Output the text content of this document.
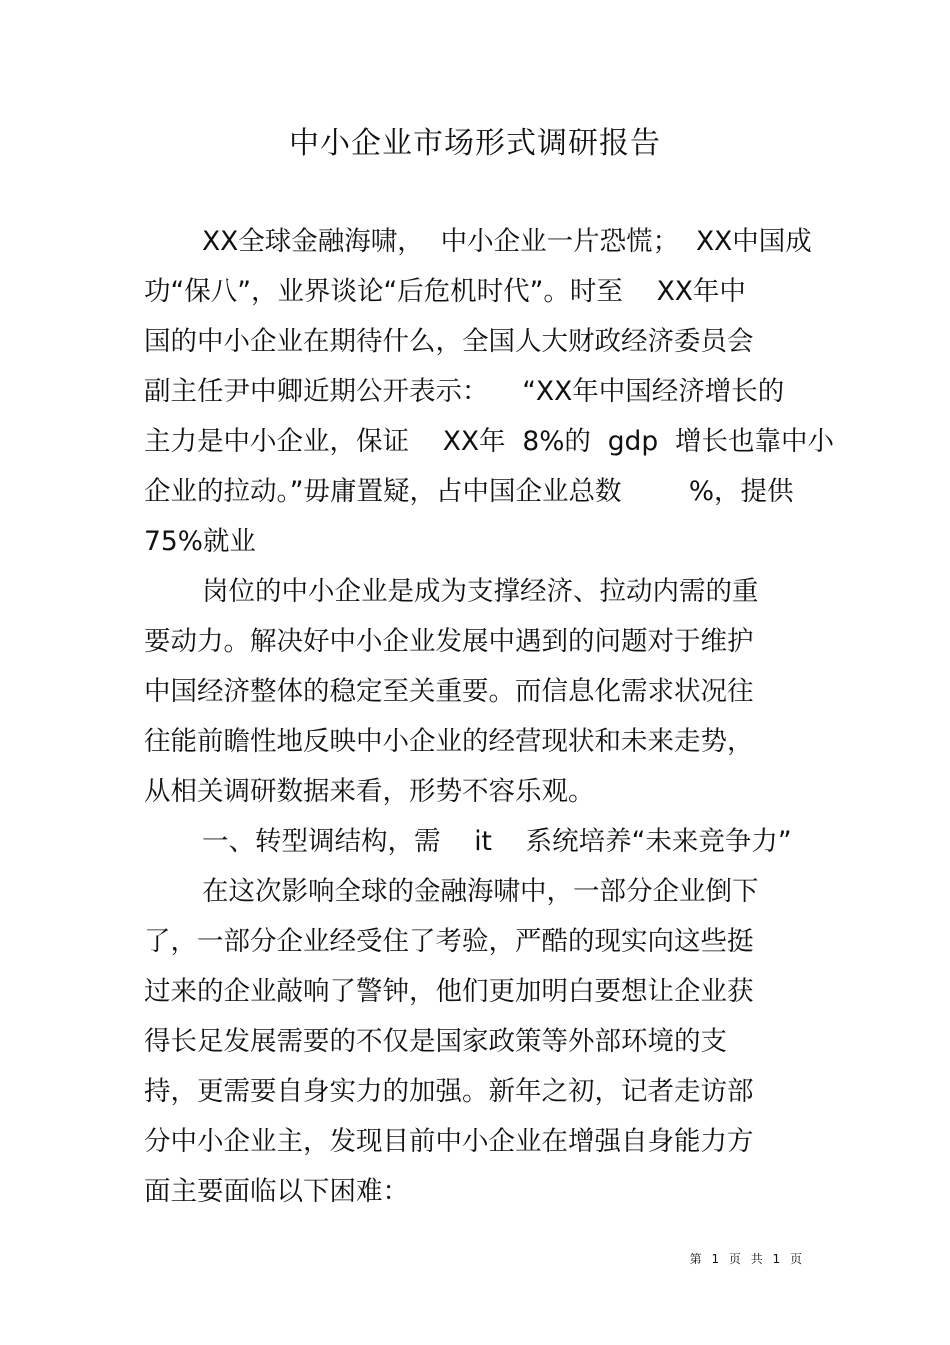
中小企业市场形式调研报告

XX全球金融海啸，  中小企业一片恐慌；  XX中国成

功“保八”，业界谈论“后危机时代”。时至    XX年中

国的中小企业在期待什么，全国人大财政经济委员会

副主任尹中卿近期公开表示：    “XX年中国经济增长的

主力是中小企业，保证    XX年  8%的  gdp  增长也靠中小

企业的拉动。”毋庸置疑，占中国企业总数        %，提供

75%就业

岗位的中小企业是成为支撑经济、拉动内需的重

要动力。解决好中小企业发展中遇到的问题对于维护

中国经济整体的稳定至关重要。而信息化需求状况往

往能前瞻性地反映中小企业的经营现状和未来走势，

从相关调研数据来看，形势不容乐观。

一、转型调结构，需    it    系统培养“未来竞争力”

在这次影响全球的金融海啸中，一部分企业倒下

了，一部分企业经受住了考验，严酷的现实向这些挺

过来的企业敲响了警钟，他们更加明白要想让企业获

得长足发展需要的不仅是国家政策等外部环境的支

持，更需要自身实力的加强。新年之初，记者走访部

分中小企业主，发现目前中小企业在增强自身能力方

面主要面临以下困难：

第 1 页 共 1 页
